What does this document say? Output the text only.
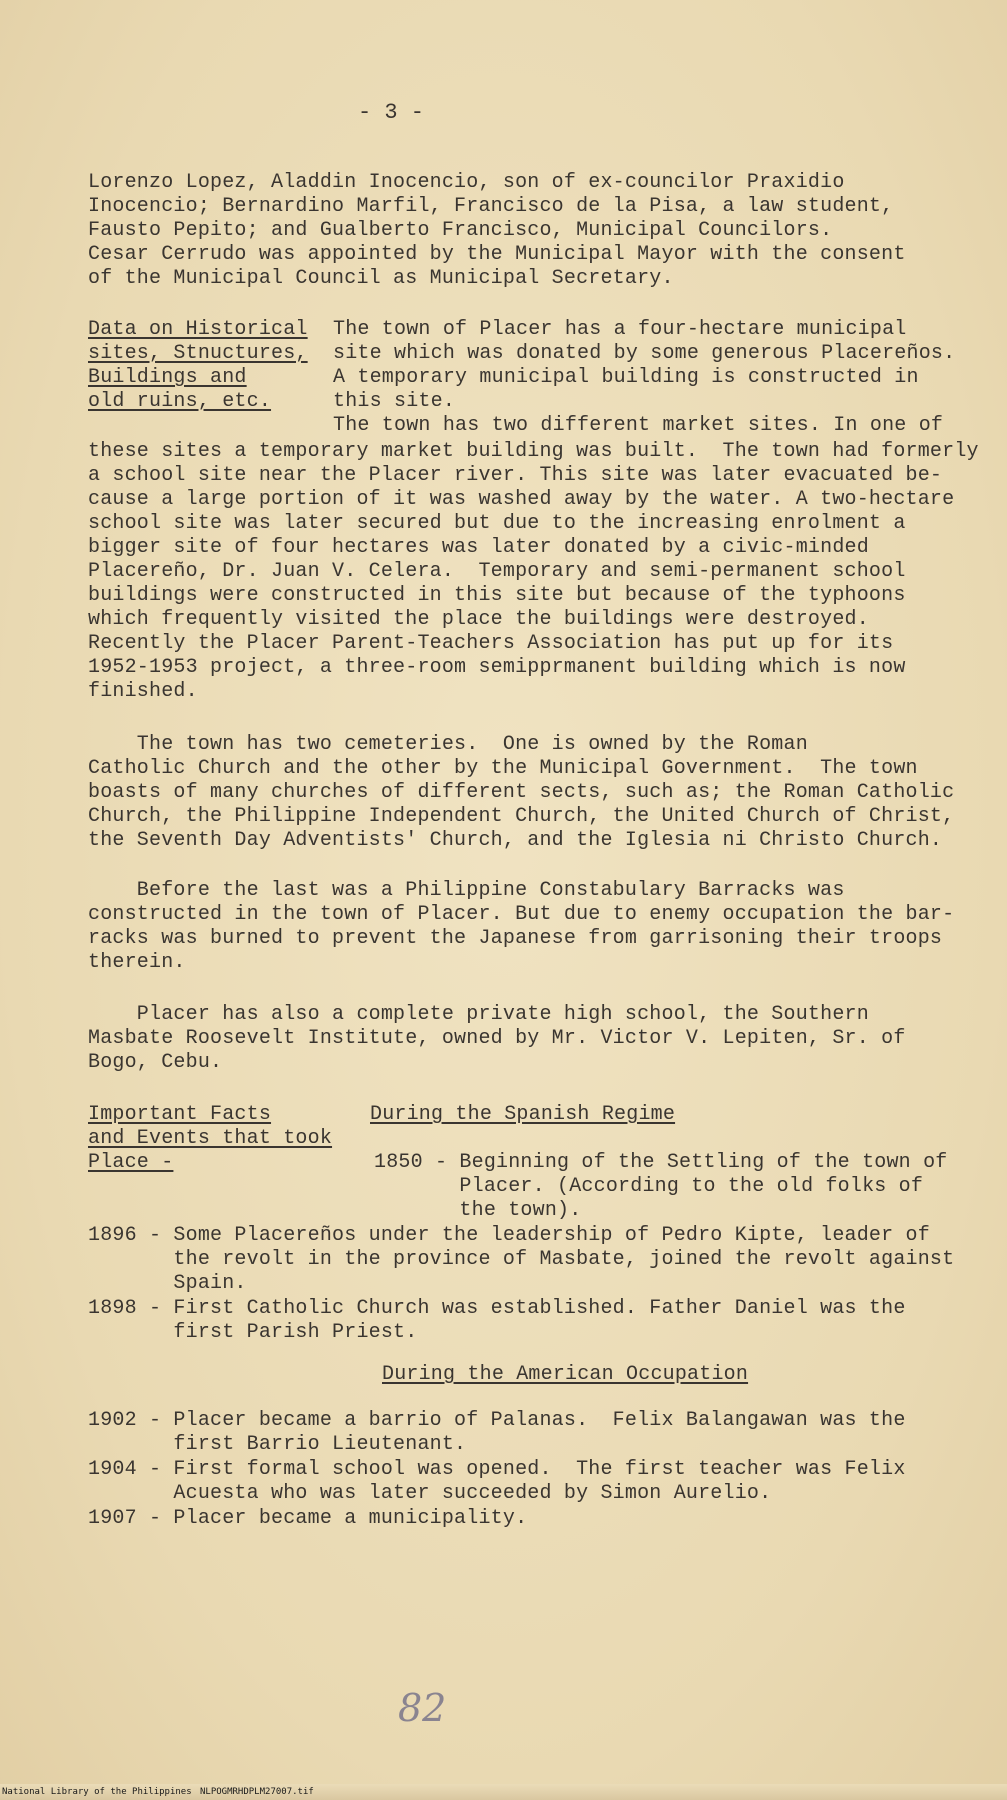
- 3 -
Lorenzo Lopez, Aladdin Inocencio, son of ex-councilor Praxidio
Inocencio; Bernardino Marfil, Francisco de la Pisa, a law student,
Fausto Pepito; and Gualberto Francisco, Municipal Councilors.
Cesar Cerrudo was appointed by the Municipal Mayor with the consent
of the Municipal Council as Municipal Secretary.
Data on Historical
sites, Stnuctures,
Buildings and
old ruins, etc.
The town of Placer has a four-hectare municipal
site which was donated by some generous Placereños.
A temporary municipal building is constructed in
this site.
The town has two different market sites. In one of
these sites a temporary market building was built.  The town had formerly
a school site near the Placer river. This site was later evacuated be-
cause a large portion of it was washed away by the water. A two-hectare
school site was later secured but due to the increasing enrolment a
bigger site of four hectares was later donated by a civic-minded
Placereño, Dr. Juan V. Celera.  Temporary and semi-permanent school
buildings were constructed in this site but because of the typhoons
which frequently visited the place the buildings were destroyed.
Recently the Placer Parent-Teachers Association has put up for its
1952-1953 project, a three-room semipprmanent building which is now
finished.
The town has two cemeteries.  One is owned by the Roman
Catholic Church and the other by the Municipal Government.  The town
boasts of many churches of different sects, such as; the Roman Catholic
Church, the Philippine Independent Church, the United Church of Christ,
the Seventh Day Adventists' Church, and the Iglesia ni Christo Church.
Before the last was a Philippine Constabulary Barracks was
constructed in the town of Placer. But due to enemy occupation the bar-
racks was burned to prevent the Japanese from garrisoning their troops
therein.
Placer has also a complete private high school, the Southern
Masbate Roosevelt Institute, owned by Mr. Victor V. Lepiten, Sr. of
Bogo, Cebu.
Important Facts
and Events that took
Place -
During the Spanish Regime
1850 - Beginning of the Settling of the town of
Placer. (According to the old folks of
the town).
1896 - Some Placereños under the leadership of Pedro Kipte, leader of
the revolt in the province of Masbate, joined the revolt against
Spain.
1898 - First Catholic Church was established. Father Daniel was the
first Parish Priest.
During the American Occupation
1902 - Placer became a barrio of Palanas.  Felix Balangawan was the
first Barrio Lieutenant.
1904 - First formal school was opened.  The first teacher was Felix
Acuesta who was later succeeded by Simon Aurelio.
1907 - Placer became a municipality.
82
National Library of the Philippines NLPOGMRHDPLM27007.tif
